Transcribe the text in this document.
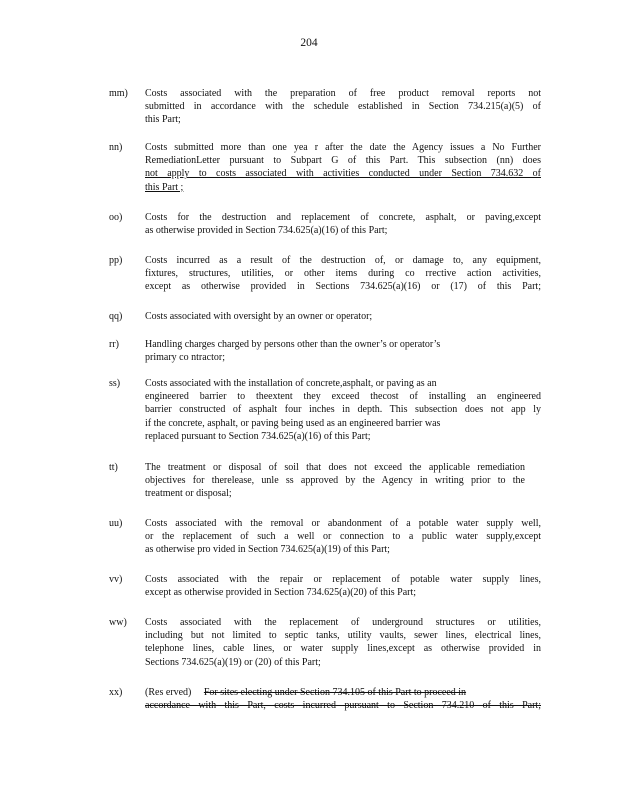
204
mm) Costs associated with the preparation of free product removal reports not
submitted in accordance with the schedule established in Section 734.215(a)(5) of
this Part;
nn) Costs submitted more than one yea r after the date the Agency issues a No Further
RemediationLetter pursuant to Subpart G of this Part. This subsection (nn) does
not apply to costs associated with activities conducted under Section 734.632 of
this Part ;
oo) Costs for the destruction and replacement of concrete, asphalt, or paving,except
as otherwise provided in Section 734.625(a)(16) of this Part;
pp) Costs incurred as a result of the destruction of, or damage to, any equipment,
fixtures, structures, utilities, or other items during co rrective action activities,
except as otherwise provided in Sections 734.625(a)(16) or (17) of this Part;
qq) Costs associated with oversight by an owner or operator;
rr)	Handling charges charged by persons other than the owner’s or operator’s
primary co ntractor;
ss) Costs associated with the installation of concrete,asphalt, or paving as an
engineered barrier to theextent they exceed thecost of installing an engineered
barrier constructed of asphalt four inches in depth. This subsection does not app ly
if the concrete, asphalt, or paving being used as an engineered barrier was
replaced pursuant to Section 734.625(a)(16) of this Part;
tt)	The treatment or disposal of soil that does not exceed the applicable remediation
objectives for therelease, unle ss approved by the Agency in writing prior to the
treatment or disposal;
uu) Costs associated with the removal or abandonment of a potable water supply well,
or the replacement of such a well or connection to a public water supply,except
as otherwise pro vided in Section 734.625(a)(19) of this Part;
vv) Costs associated with the repair or replacement of potable water supply lines,
except as otherwise provided in Section 734.625(a)(20) of this Part;
ww) Costs associated with the replacement of underground structures or utilities,
including but not limited to septic tanks, utility vaults, sewer lines, electrical lines,
telephone lines, cable lines, or water supply lines,except as otherwise provided in
Sections 734.625(a)(19) or (20) of this Part;
xx) (Res erved) For sites electing under Section 734.105 of this Part to proceed in
accordance with this Part, costs incurred pursuant to Section 734.210 of this Part;
